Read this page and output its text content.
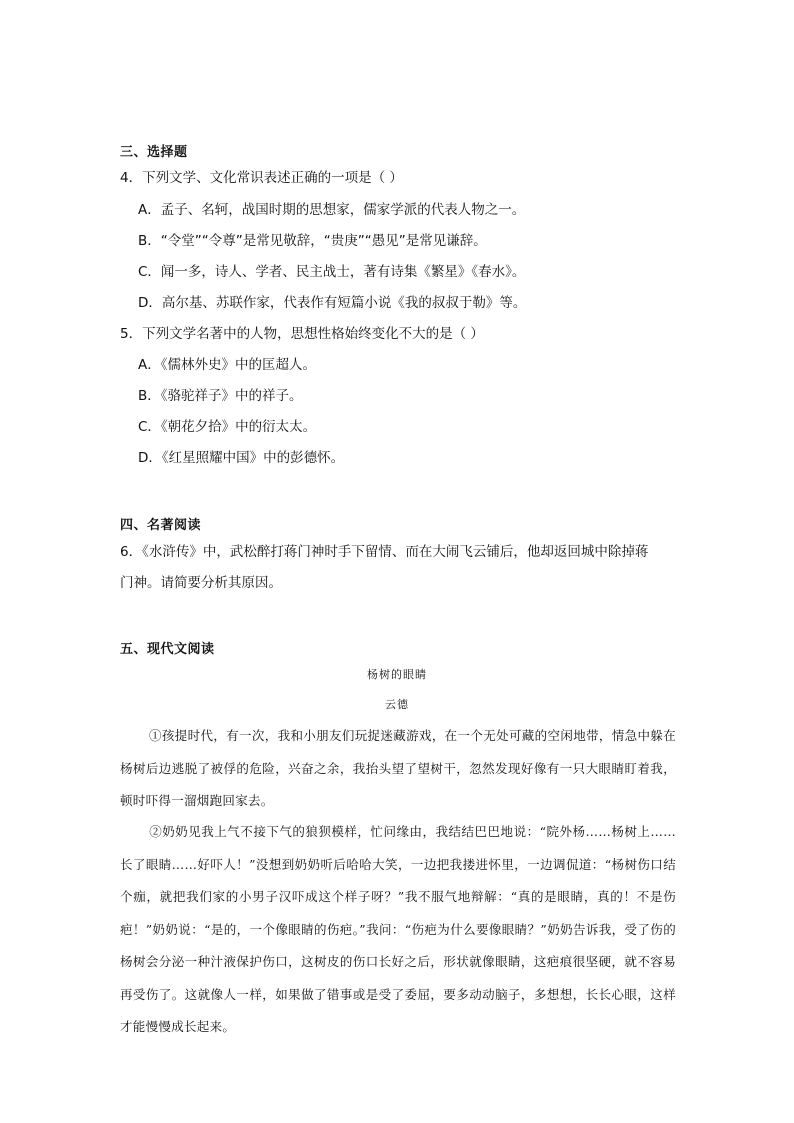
三、选择题
4．下列文学、文化常识表述正确的一项是（ ）
A．孟子、名轲，战国时期的思想家，儒家学派的代表人物之一。
B．“令堂”“令尊”是常见敬辞，“贵庚”“愚见”是常见谦辞。
C．闻一多，诗人、学者、民主战士，著有诗集《繁星》《春水》。
D．高尔基、苏联作家，代表作有短篇小说《我的叔叔于勒》等。
5．下列文学名著中的人物，思想性格始终变化不大的是（ ）
A．《儒林外史》中的匡超人。
B．《骆驼祥子》中的祥子。
C．《朝花夕拾》中的衍太太。
D．《红星照耀中国》中的彭德怀。
四、名著阅读
6．《水浒传》中，武松醉打蒋门神时手下留情、而在大闹飞云铺后，他却返回城中除掉蒋
门神。请简要分析其原因。
五、现代文阅读
杨树的眼睛
云德
①孩提时代，有一次，我和小朋友们玩捉迷藏游戏，在一个无处可藏的空闲地带，情急中躲在杨树后边逃脱了被俘的危险，兴奋之余，我抬头望了望树干，忽然发现好像有一只大眼睛盯着我，顿时吓得一溜烟跑回家去。
②奶奶见我上气不接下气的狼狈模样，忙问缘由，我结结巴巴地说：“院外杨……杨树上……长了眼睛……好吓人！”没想到奶奶听后哈哈大笑，一边把我搂进怀里，一边调侃道：“杨树伤口结个痂，就把我们家的小男子汉吓成这个样子呀？”我不服气地辩解：“真的是眼睛，真的！不是伤疤！”奶奶说：“是的，一个像眼睛的伤疤。”我问：“伤疤为什么要像眼睛？”奶奶告诉我，受了伤的杨树会分泌一种汁液保护伤口，这树皮的伤口长好之后，形状就像眼睛，这疤痕很坚硬，就不容易再受伤了。这就像人一样，如果做了错事或是受了委屈，要多动动脑子，多想想，长长心眼，这样才能慢慢成长起来。
